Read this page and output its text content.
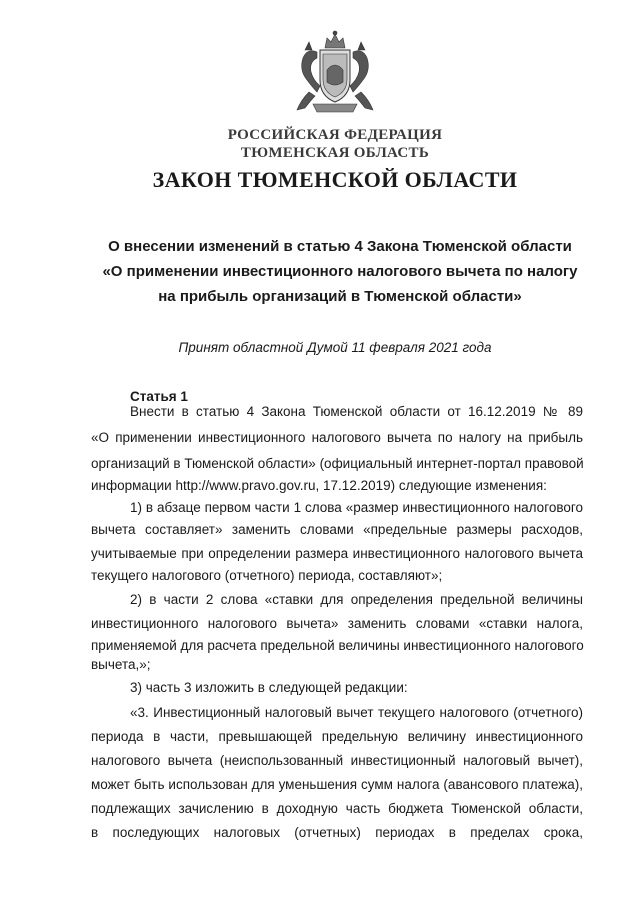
РОССИЙСКАЯ ФЕДЕРАЦИЯ
ТЮМЕНСКАЯ ОБЛАСТЬ
ЗАКОН ТЮМЕНСКОЙ ОБЛАСТИ
О внесении изменений в статью 4 Закона Тюменской области
«О применении инвестиционного налогового вычета по налогу
на прибыль организаций в Тюменской области»
Принят областной Думой 11 февраля 2021 года
Статья 1
Внести в статью 4 Закона Тюменской области от 16.12.2019 № 89
«О применении инвестиционного налогового вычета по налогу на прибыль
организаций в Тюменской области» (официальный интернет-портал правовой
информации http://www.pravo.gov.ru, 17.12.2019) следующие изменения:
1) в абзаце первом части 1 слова «размер инвестиционного налогового
вычета составляет» заменить словами «предельные размеры расходов,
учитываемые при определении размера инвестиционного налогового вычета
текущего налогового (отчетного) периода, составляют»;
2) в части 2 слова «ставки для определения предельной величины
инвестиционного налогового вычета» заменить словами «ставки налога,
применяемой для расчета предельной величины инвестиционного налогового
вычета,»;
3) часть 3 изложить в следующей редакции:
«3. Инвестиционный налоговый вычет текущего налогового (отчетного)
периода в части, превышающей предельную величину инвестиционного
налогового вычета (неиспользованный инвестиционный налоговый вычет),
может быть использован для уменьшения сумм налога (авансового платежа),
подлежащих зачислению в доходную часть бюджета Тюменской области,
в последующих налоговых (отчетных) периодах в пределах срока,
